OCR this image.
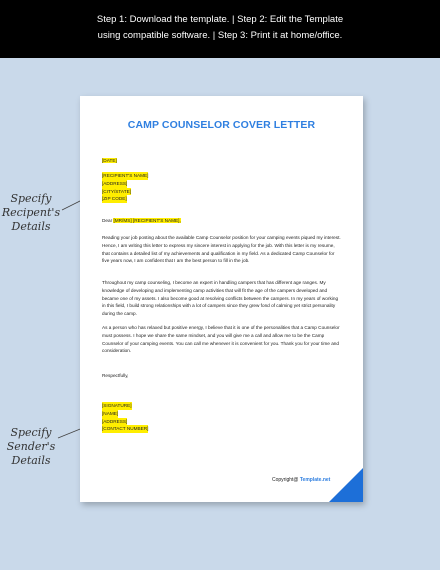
Step 1: Download the template. | Step 2: Edit the Template
using compatible software. | Step 3: Print it at home/office.
Specify
Recipent's
Details
Specify
Sender's
Details
CAMP COUNSELOR COVER LETTER
[DATE]
[RECIPIENT'S NAME]
[ADDRESS]
[CITY/STATE]
[ZIP CODE]
Dear [MR/MS] [RECIPIENT'S NAME],
Reading your job posting about the available Camp Counselor position for your camping events piqued my interest. Hence, I am writing this letter to express my sincere interest in applying for the job. With this letter is my resume, that contains a detailed list of my achievements and qualification in my field. As a dedicated Camp Counselor for five years now, I am confident that I am the best person to fill in the job.
Throughout my camp counseling, I become an expert in handling campers that has different age ranges. My knowledge of developing and implementing camp activities that will fit the age of the campers developed and became one of my assets. I also become good at resolving conflicts between the campers. In my years of working in this field, I build strong relationships with a lot of campers since they grew fond of calming yet strict personality during the camp.
As a person who has relaxed but positive energy, I believe that it is one of the personalities that a Camp Counselor must possess. I hope we share the same mindset, and you will give me a call and allow me to be the Camp Counselor of your camping events. You can call me whenever it is convenient for you. Thank you for your time and consideration.
Respectfully,
[SIGNATURE]
[NAME]
[ADDRESS]
[CONTACT NUMBER]
Copyright@ Template.net
